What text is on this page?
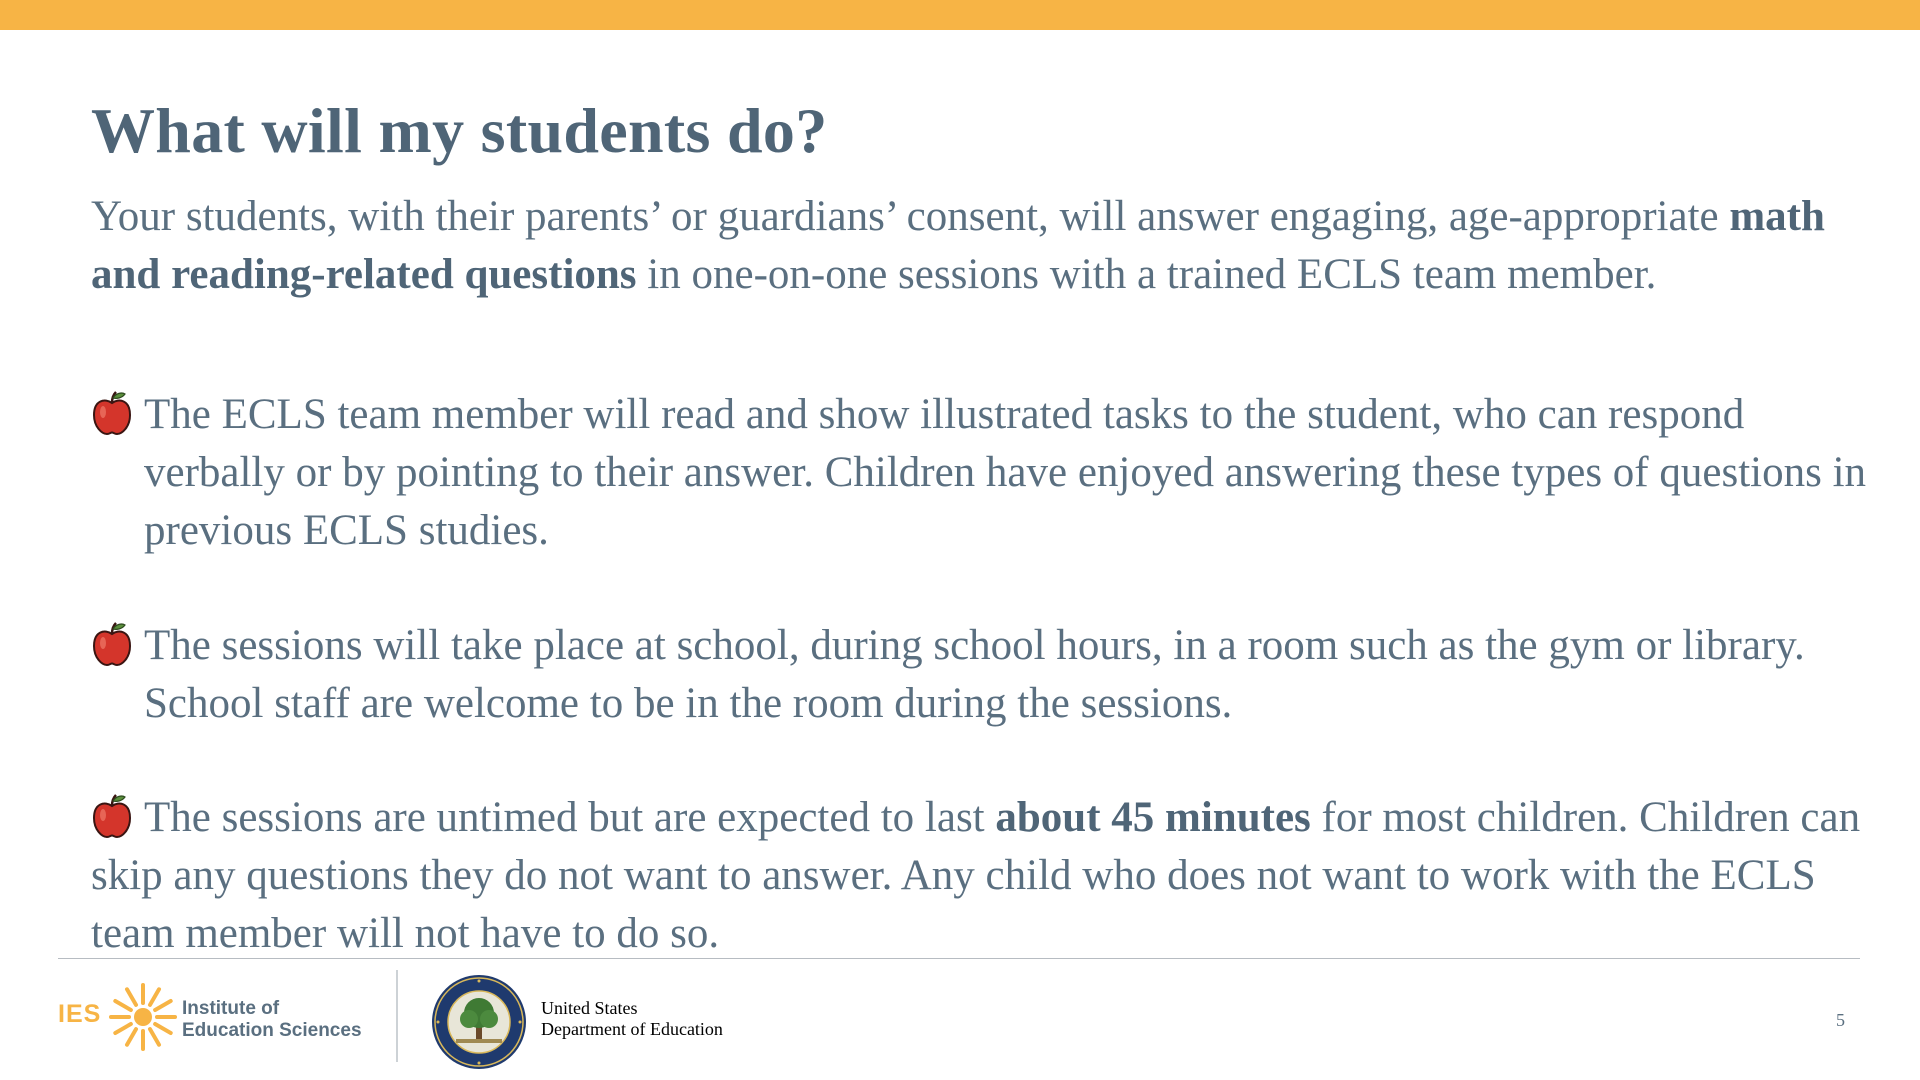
What will my students do?

Your students, with their parents’ or guardians’ consent, will answer engaging, age-appropriate math and reading-related questions in one-on-one sessions with a trained ECLS team member.

The ECLS team member will read and show illustrated tasks to the student, who can respond verbally or by pointing to their answer. Children have enjoyed answering these types of questions in previous ECLS studies.
The sessions will take place at school, during school hours, in a room such as the gym or library. School staff are welcome to be in the room during the sessions.
The sessions are untimed but are expected to last about 45 minutes for most children. Children can skip any questions they do not want to answer. Any child who does not want to work with the ECLS team member will not have to do so.
IES	Institute of
Education Sciences
United States
Department of Education	5
